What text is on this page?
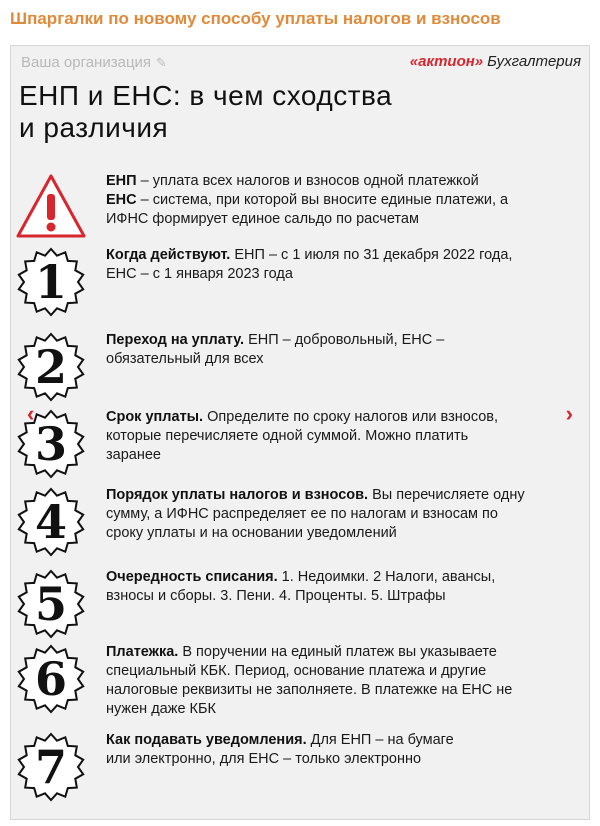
Шпаргалки по новому способу уплаты налогов и взносов
Ваша организация ✎	«актион» Бухгалтерия
ЕНП и ЕНС: в чем сходства
и различия
ЕНП – уплата всех налогов и взносов одной платежкой
ЕНС – система, при которой вы вносите единые платежи, а
ИФНС формирует единое сальдо по расчетам
1	Когда действуют. ЕНП – с 1 июля по 31 декабря 2022 года,
ЕНС – с 1 января 2023 года
2	Переход на уплату. ЕНП – добровольный, ЕНС –
обязательный для всех
3	Срок уплаты. Определите по сроку налогов или взносов,
которые перечисляете одной суммой. Можно платить
заранее
4	Порядок уплаты налогов и взносов. Вы перечисляете одну
сумму, а ИФНС распределяет ее по налогам и взносам по
сроку уплаты и на основании уведомлений
5	Очередность списания. 1. Недоимки. 2 Налоги, авансы,
взносы и сборы. 3. Пени. 4. Проценты. 5. Штрафы
6	Платежка. В поручении на единый платеж вы указываете
специальный КБК. Период, основание платежа и другие
налоговые реквизиты не заполняете. В платежке на ЕНС не
нужен даже КБК
7	Как подавать уведомления. Для ЕНП – на бумаге
или электронно, для ЕНС – только электронно
‹	›
